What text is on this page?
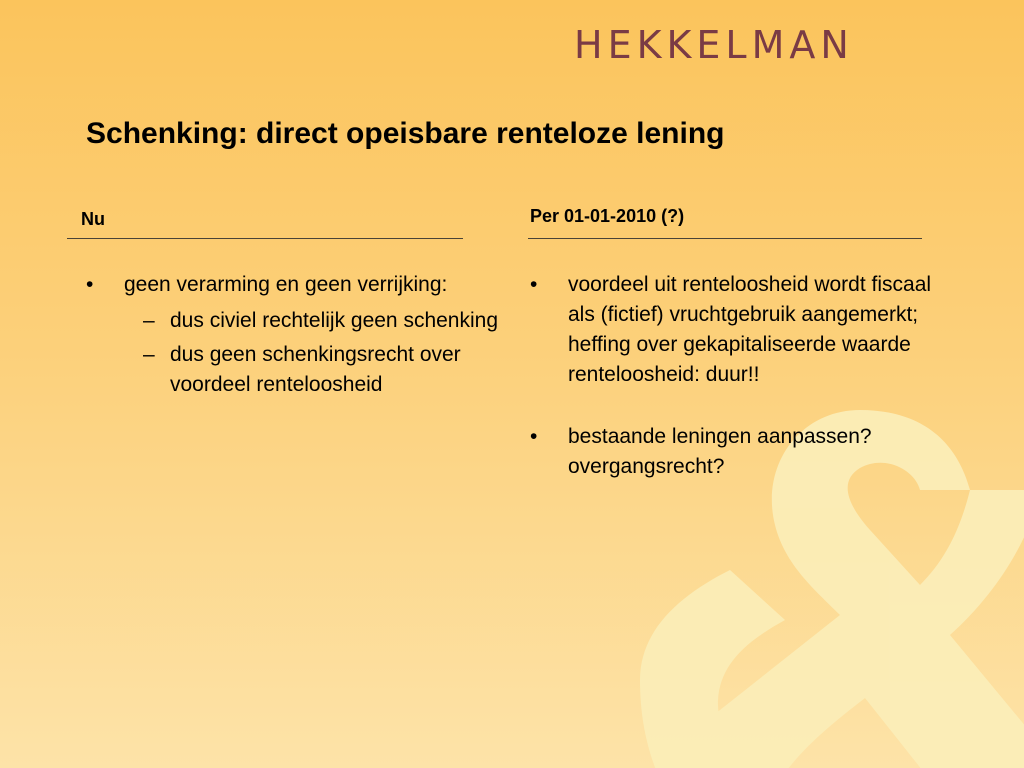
HEKKELMAN
Schenking: direct opeisbare renteloze lening
Nu	Per 01-01-2010 (?)
• geen verarming en geen verrijking:
– dus civiel rechtelijk geen schenking
– dus geen schenkingsrecht over voordeel renteloosheid
• voordeel uit renteloosheid wordt fiscaal als (fictief) vruchtgebruik aangemerkt; heffing over gekapitaliseerde waarde renteloosheid: duur!!
• bestaande leningen aanpassen? overgangsrecht?
